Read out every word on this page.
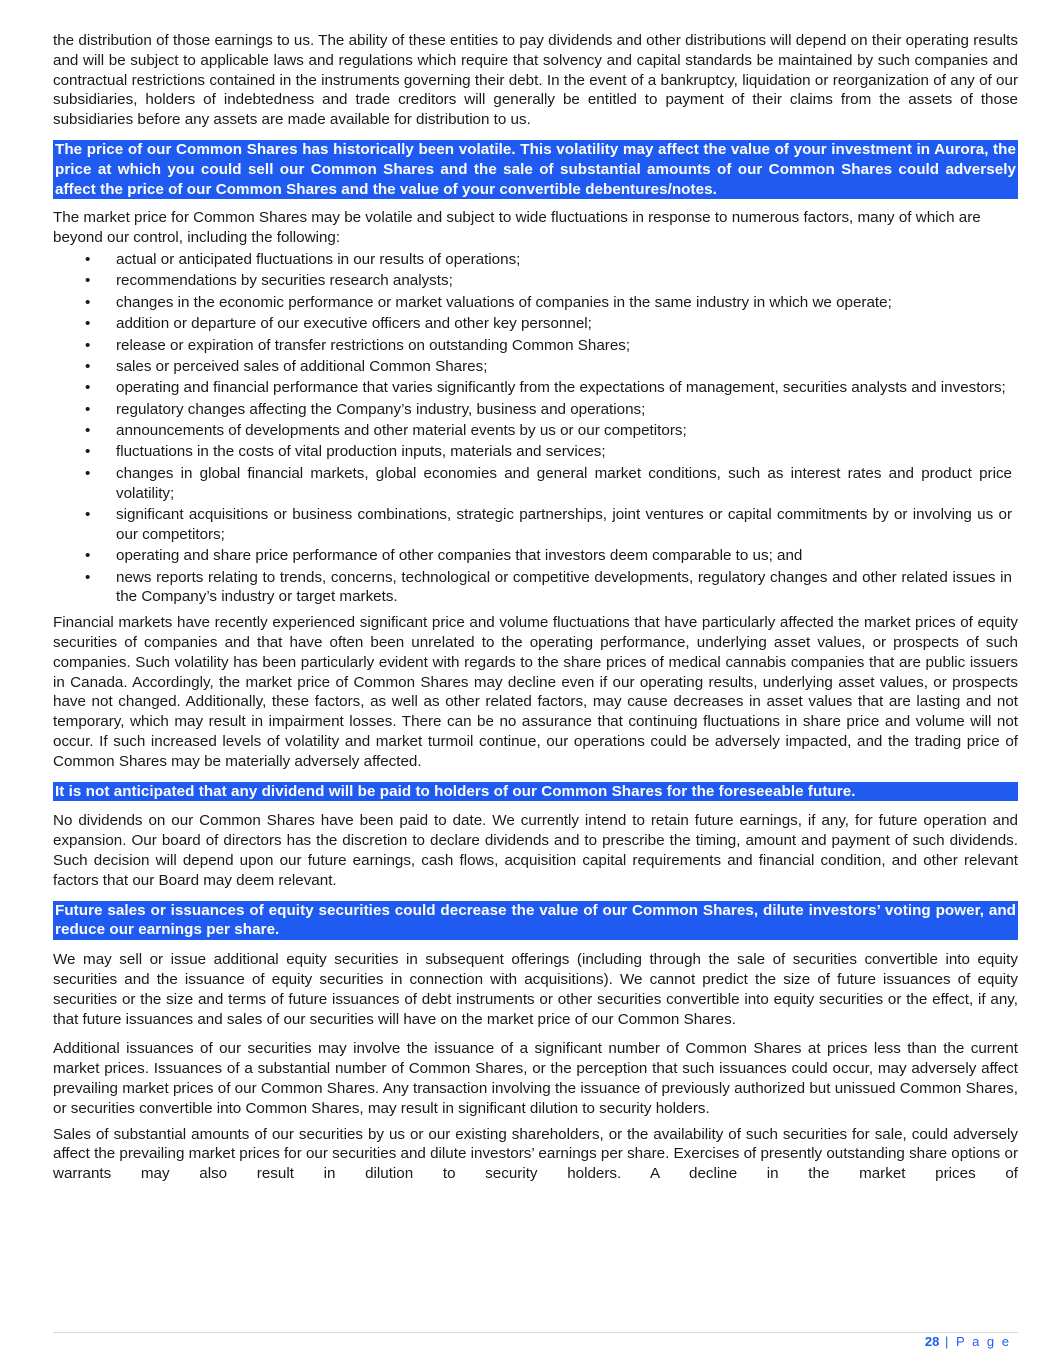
the distribution of those earnings to us. The ability of these entities to pay dividends and other distributions will depend on their operating results and will be subject to applicable laws and regulations which require that solvency and capital standards be maintained by such companies and contractual restrictions contained in the instruments governing their debt. In the event of a bankruptcy, liquidation or reorganization of any of our subsidiaries, holders of indebtedness and trade creditors will generally be entitled to payment of their claims from the assets of those subsidiaries before any assets are made available for distribution to us.

The price of our Common Shares has historically been volatile. This volatility may affect the value of your investment in Aurora, the price at which you could sell our Common Shares and the sale of substantial amounts of our Common Shares could adversely affect the price of our Common Shares and the value of your convertible debentures/notes.

The market price for Common Shares may be volatile and subject to wide fluctuations in response to numerous factors, many of which are beyond our control, including the following:

• actual or anticipated fluctuations in our results of operations;
• recommendations by securities research analysts;
• changes in the economic performance or market valuations of companies in the same industry in which we operate;
• addition or departure of our executive officers and other key personnel;
• release or expiration of transfer restrictions on outstanding Common Shares;
• sales or perceived sales of additional Common Shares;
• operating and financial performance that varies significantly from the expectations of management, securities analysts and investors;
• regulatory changes affecting the Company’s industry, business and operations;
• announcements of developments and other material events by us or our competitors;
• fluctuations in the costs of vital production inputs, materials and services;
• changes in global financial markets, global economies and general market conditions, such as interest rates and product price volatility;
• significant acquisitions or business combinations, strategic partnerships, joint ventures or capital commitments by or involving us or our competitors;
• operating and share price performance of other companies that investors deem comparable to us; and
• news reports relating to trends, concerns, technological or competitive developments, regulatory changes and other related issues in the Company’s industry or target markets.

Financial markets have recently experienced significant price and volume fluctuations that have particularly affected the market prices of equity securities of companies and that have often been unrelated to the operating performance, underlying asset values, or prospects of such companies. Such volatility has been particularly evident with regards to the share prices of medical cannabis companies that are public issuers in Canada. Accordingly, the market price of Common Shares may decline even if our operating results, underlying asset values, or prospects have not changed. Additionally, these factors, as well as other related factors, may cause decreases in asset values that are lasting and not temporary, which may result in impairment losses. There can be no assurance that continuing fluctuations in share price and volume will not occur. If such increased levels of volatility and market turmoil continue, our operations could be adversely impacted, and the trading price of Common Shares may be materially adversely affected.

It is not anticipated that any dividend will be paid to holders of our Common Shares for the foreseeable future.

No dividends on our Common Shares have been paid to date. We currently intend to retain future earnings, if any, for future operation and expansion. Our board of directors has the discretion to declare dividends and to prescribe the timing, amount and payment of such dividends. Such decision will depend upon our future earnings, cash flows, acquisition capital requirements and financial condition, and other relevant factors that our Board may deem relevant.

Future sales or issuances of equity securities could decrease the value of our Common Shares, dilute investors’ voting power, and reduce our earnings per share.

We may sell or issue additional equity securities in subsequent offerings (including through the sale of securities convertible into equity securities and the issuance of equity securities in connection with acquisitions). We cannot predict the size of future issuances of equity securities or the size and terms of future issuances of debt instruments or other securities convertible into equity securities or the effect, if any, that future issuances and sales of our securities will have on the market price of our Common Shares.

Additional issuances of our securities may involve the issuance of a significant number of Common Shares at prices less than the current market prices. Issuances of a substantial number of Common Shares, or the perception that such issuances could occur, may adversely affect prevailing market prices of our Common Shares. Any transaction involving the issuance of previously authorized but unissued Common Shares, or securities convertible into Common Shares, may result in significant dilution to security holders.

Sales of substantial amounts of our securities by us or our existing shareholders, or the availability of such securities for sale, could adversely affect the prevailing market prices for our securities and dilute investors’ earnings per share. Exercises of presently outstanding share options or warrants may also result in dilution to security holders. A decline in the market prices of

28 | P a g e
